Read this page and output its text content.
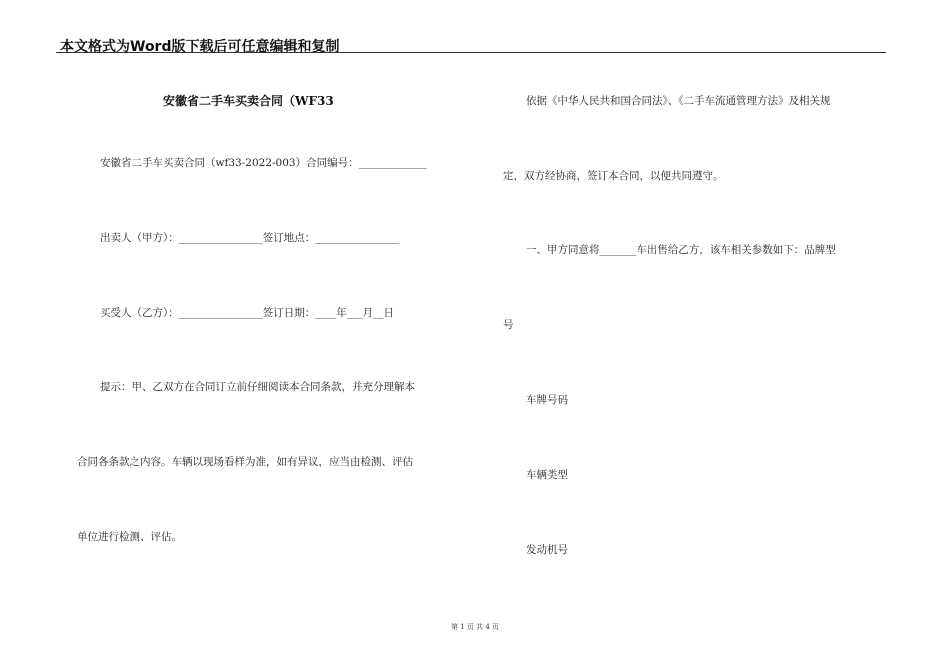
本文格式为Word版下载后可任意编辑和复制
安徽省二手车买卖合同（WF33
安徽省二手车买卖合同（wf33-2022-003）合同编号：_____________
出卖人（甲方）：________________签订地点：________________
买受人（乙方）：________________签订日期：____年___月__日
提示：甲、乙双方在合同订立前仔细阅读本合同条款，并充分理解本
合同各条款之内容。车辆以现场看样为准，如有异议，应当由检测、评估
单位进行检测、评估。
依据《中华人民共和国合同法》、《二手车流通管理方法》及相关规
定，双方经协商，签订本合同，以便共同遵守。
一、甲方同意将_______车出售给乙方，该车相关参数如下：品牌型
号
车牌号码
车辆类型
发动机号
第 1 页 共 4 页
